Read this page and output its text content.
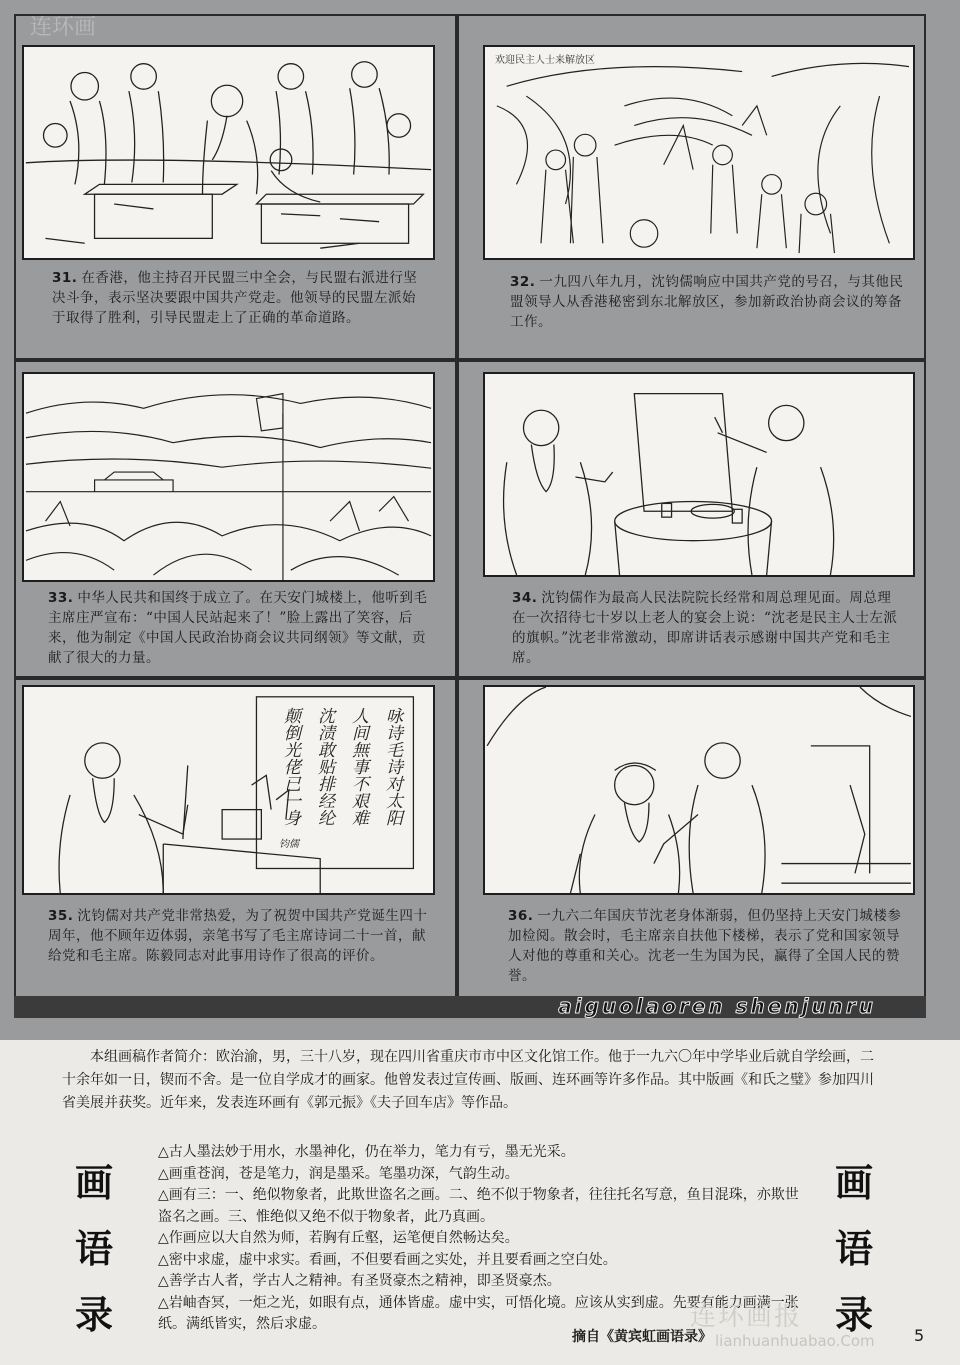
连环画
31. 在香港，他主持召开民盟三中全会，与民盟右派进行坚决斗争，表示坚决要跟中国共产党走。他领导的民盟左派始于取得了胜利，引导民盟走上了正确的革命道路。
欢迎民主人士来解放区
32. 一九四八年九月，沈钧儒响应中国共产党的号召，与其他民盟领导人从香港秘密到东北解放区，参加新政治协商会议的筹备工作。
33. 中华人民共和国终于成立了。在天安门城楼上，他听到毛主席庄严宣布：“中国人民站起来了！”脸上露出了笑容，后来，他为制定《中国人民政治协商会议共同纲领》等文献，贡献了很大的力量。
34. 沈钧儒作为最高人民法院院长经常和周总理见面。周总理在一次招待七十岁以上老人的宴会上说：“沈老是民主人士左派的旗帜。”沈老非常激动，即席讲话表示感谢中国共产党和毛主席。
咏诗毛诗对太阳
人间無事不艰难
沈渍敢贴排经纶
颠倒光佬已一身
钧儒
35. 沈钧儒对共产党非常热爱，为了祝贺中国共产党诞生四十周年，他不顾年迈体弱，亲笔书写了毛主席诗词二十一首，献给党和毛主席。陈毅同志对此事用诗作了很高的评价。
36. 一九六二年国庆节沈老身体渐弱，但仍坚持上天安门城楼参加检阅。散会时，毛主席亲自扶他下楼梯，表示了党和国家领导人对他的尊重和关心。沈老一生为国为民，赢得了全国人民的赞誉。
aiguolaoren shenjunru
本组画稿作者简介：欧治渝，男，三十八岁，现在四川省重庆市市中区文化馆工作。他于一九六〇年中学毕业后就自学绘画，二十余年如一日，锲而不舍。是一位自学成才的画家。他曾发表过宣传画、版画、连环画等许多作品。其中版画《和氏之璧》参加四川省美展并获奖。近年来，发表连环画有《郭元振》《夫子回车店》等作品。
画
语
录
画
语
录

△古人墨法妙于用水，水墨神化，仍在举力，笔力有亏，墨无光采。

△画重苍润，苍是笔力，润是墨采。笔墨功深，气韵生动。

△画有三：一、绝似物象者，此欺世盗名之画。二、绝不似于物象者，往往托名写意，鱼目混珠，亦欺世盗名之画。三、惟绝似又绝不似于物象者，此乃真画。

△作画应以大自然为师，若胸有丘壑，运笔便自然畅达矣。

△密中求虚，虚中求实。看画，不但要看画之实处，并且要看画之空白处。

△善学古人者，学古人之精神。有圣贤豪杰之精神，即圣贤豪杰。

△岩岫杳冥，一炬之光，如眼有点，通体皆虚。虚中实，可悟化境。应该从实到虚。先要有能力画满一张纸。满纸皆实，然后求虚。	连环画报
lianhuanhuabao.Com
摘自《黄宾虹画语录》	5
